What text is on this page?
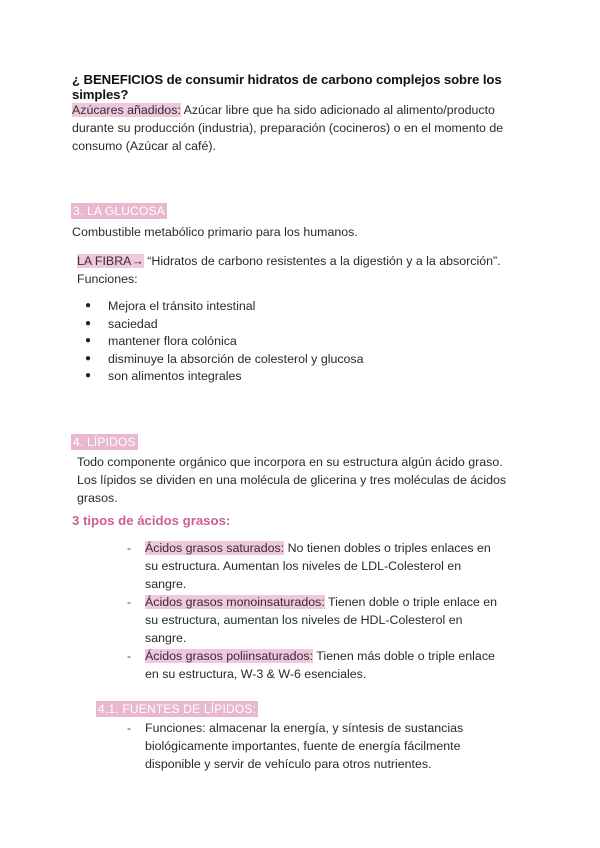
¿ BENEFICIOS de consumir hidratos de carbono complejos sobre los simples?
Azúcares añadidos: Azúcar libre que ha sido adicionado al alimento/producto durante su producción (industria), preparación (cocineros) o en el momento de consumo (Azúcar al café).
3. LA GLUCOSA
Combustible metabólico primario para los humanos.
LA FIBRA→ “Hidratos de carbono resistentes a la digestión y a la absorción”.
Funciones:
● Mejora el tránsito intestinal
● saciedad
● mantener flora colónica
● disminuye la absorción de colesterol y glucosa
● son alimentos integrales
4. LÍPIDOS
Todo componente orgánico que incorpora en su estructura algún ácido graso. Los lípidos se dividen en una molécula de glicerina y tres moléculas de ácidos grasos.
3 tipos de ácidos grasos:
- Ácidos grasos saturados: No tienen dobles o triples enlaces en su estructura. Aumentan los niveles de LDL-Colesterol en sangre.
- Ácidos grasos monoinsaturados: Tienen doble o triple enlace en su estructura, aumentan los niveles de HDL-Colesterol en sangre.
- Ácidos grasos poliinsaturados: Tienen más doble o triple enlace en su estructura, W-3 & W-6 esenciales.
4.1. FUENTES DE LÍPIDOS:
- Funciones: almacenar la energía, y síntesis de sustancias biológicamente importantes, fuente de energía fácilmente disponible y servir de vehículo para otros nutrientes.
